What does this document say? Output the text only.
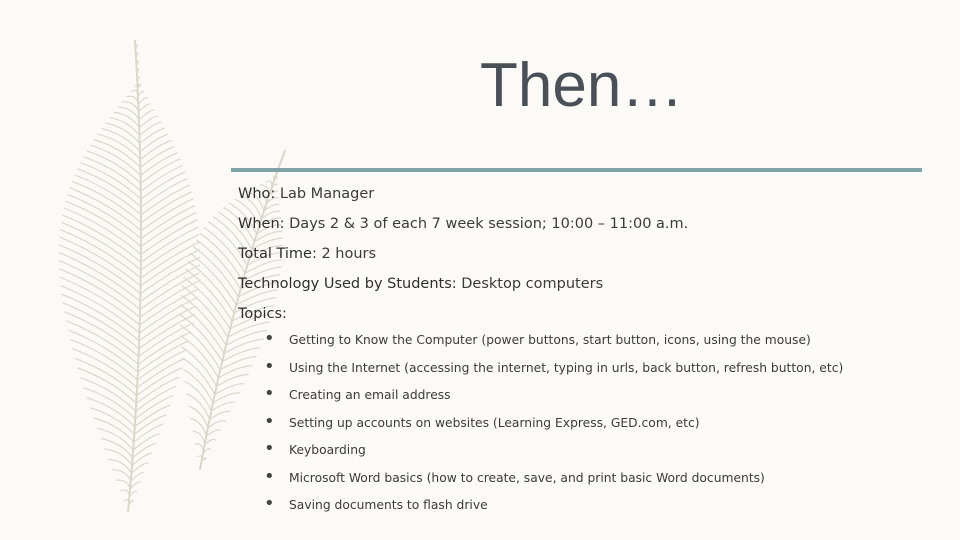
Then…
Who: Lab Manager
When: Days 2 & 3 of each 7 week session; 10:00 – 11:00 a.m.
Total Time: 2 hours
Technology Used by Students: Desktop computers
Topics:
• Getting to Know the Computer (power buttons, start button, icons, using the mouse)
• Using the Internet (accessing the internet, typing in urls, back button, refresh button, etc)
• Creating an email address
• Setting up accounts on websites (Learning Express, GED.com, etc)
• Keyboarding
• Microsoft Word basics (how to create, save, and print basic Word documents)
• Saving documents to flash drive
